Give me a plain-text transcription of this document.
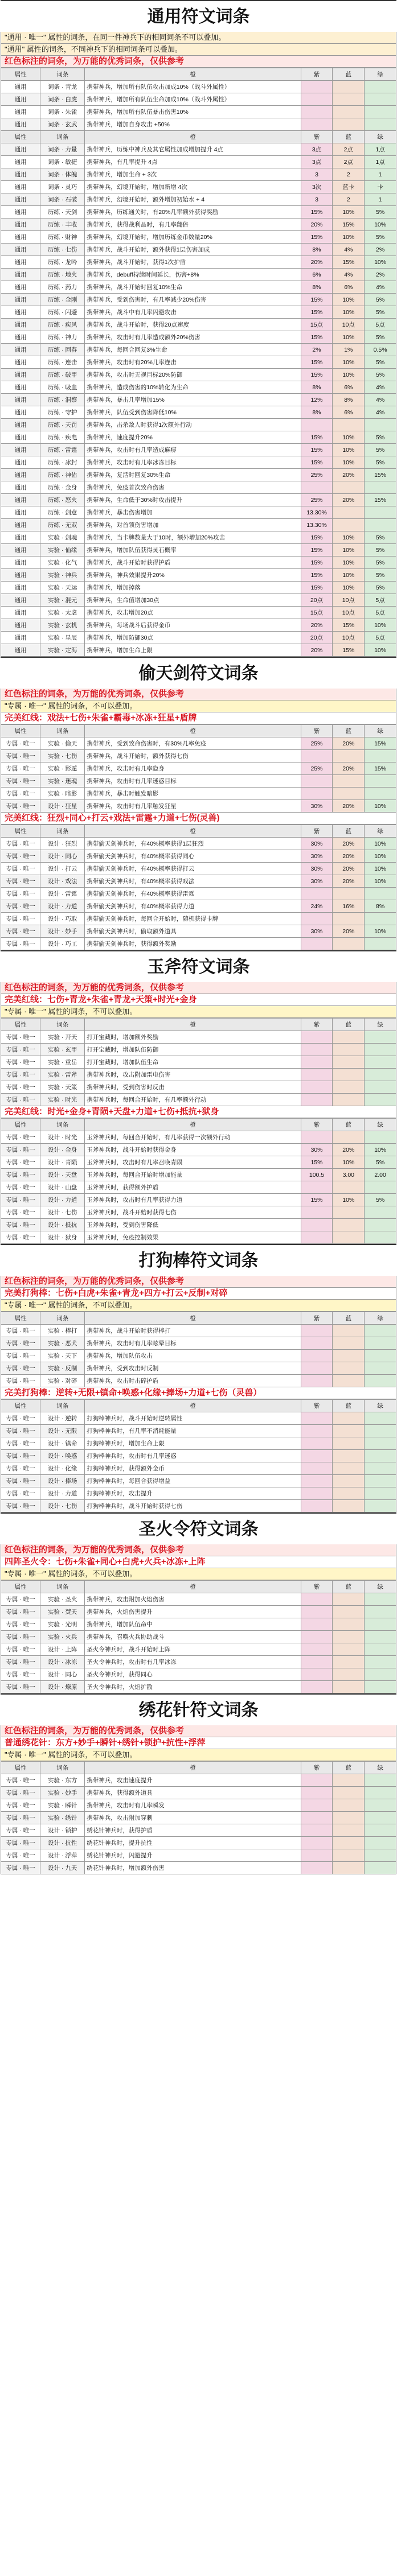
通用符文词条
"通用 · 唯一" 属性的词条，在同一件神兵下的相同词条不可以叠加。
"通用" 属性的词条，不同神兵下的相同词条可以叠加。
红色标注的词条，为万能的优秀词条，仅供参考
属性	词条	橙	紫	蓝	绿
通用	词条 · 青龙	携带神兵，增加所有队伍攻击加成10%（战斗外属性）			
通用	词条 · 白虎	携带神兵，增加所有队伍生命加成10%（战斗外属性）			
通用	词条 · 朱雀	携带神兵，增加所有队伍暴击伤害10%			
通用	词条 · 玄武	携带神兵，增加自身攻击 +50%			
属性	词条	橙	紫	蓝	绿
通用	词条 · 力量	携带神兵，历练中神兵及其它属性加成增加提升 4点	3点	2点	1点
通用	词条 · 敏捷	携带神兵，有几率提升 4点	3点	2点	1点
通用	词条 · 体魄	携带神兵，增加生命 + 3次	3	2	1
通用	词条 · 灵巧	携带神兵，幻境开始时，增加新增 4次	3次	蓝卡	卡
通用	词条 · 石破	携带神兵，幻境开始时，额外增加初始水 + 4	3	2	1
通用	历练 · 天剑	携带神兵，历练通关时，有20%几率额外获得奖励	15%	10%	5%
通用	历练 · 丰收	携带神兵，获得战利品时，有几率翻倍	20%	15%	10%
通用	历练 · 财神	携带神兵，幻境开始时，增加历练金币数量20%	15%	10%	5%
通用	历练 · 七伤	携带神兵，战斗开始时，额外获得1层伤害加成	8%	4%	2%
通用	历练 · 龙吟	携带神兵，战斗开始时，获得1次护盾	20%	15%	10%
通用	历练 · 地火	携带神兵，debuff持续时间延长，伤害+8%	6%	4%	2%
通用	历练 · 药力	携带神兵，战斗开始时回复10%生命	8%	6%	4%
通用	历练 · 金刚	携带神兵，受到伤害时，有几率减少20%伤害	15%	10%	5%
通用	历练 · 闪避	携带神兵，战斗中有几率闪避攻击	15%	10%	5%
通用	历练 · 疾风	携带神兵，战斗开始时，获得20点速度	15点	10点	5点
通用	历练 · 神力	携带神兵，攻击时有几率造成额外20%伤害	15%	10%	5%
通用	历练 · 回春	携带神兵，每回合回复3%生命	2%	1%	0.5%
通用	历练 · 连击	携带神兵，攻击时有20%几率连击	15%	10%	5%
通用	历练 · 破甲	携带神兵，攻击时无视目标20%防御	15%	10%	5%
通用	历练 · 吸血	携带神兵，造成伤害的10%转化为生命	8%	6%	4%
通用	历练 · 洞察	携带神兵，暴击几率增加15%	12%	8%	4%
通用	历练 · 守护	携带神兵，队伍受到伤害降低10%	8%	6%	4%
通用	历练 · 天罚	携带神兵，击杀敌人时获得1次额外行动			
通用	历练 · 疾电	携带神兵，速度提升20%	15%	10%	5%
通用	历练 · 雷霆	携带神兵，攻击时有几率造成麻痹	15%	10%	5%
通用	历练 · 冰封	携带神兵，攻击时有几率冰冻目标	15%	10%	5%
通用	历练 · 神佑	携带神兵，复活时回复30%生命	25%	20%	15%
通用	历练 · 金身	携带神兵，免疫首次致命伤害			
通用	历练 · 怒火	携带神兵，生命低于30%时攻击提升	25%	20%	15%
通用	历练 · 剑意	携带神兵，暴击伤害增加	13.30%		
通用	历练 · 无双	携带神兵，对首领伤害增加	13.30%		
通用	实验 · 剑魂	携带神兵，当卡牌数量大于10时，额外增加20%攻击	15%	10%	5%
通用	实验 · 仙缘	携带神兵，增加队伍获得灵石概率	15%	10%	5%
通用	实验 · 化气	携带神兵，战斗开始时获得护盾	15%	10%	5%
通用	实验 · 神兵	携带神兵，神兵效果提升20%	15%	10%	5%
通用	实验 · 天运	携带神兵，增加掉落	15%	10%	5%
通用	实验 · 混元	携带神兵，生命值增加30点	20点	10点	5点
通用	实验 · 太虚	携带神兵，攻击增加20点	15点	10点	5点
通用	实验 · 玄机	携带神兵，每场战斗后获得金币	20%	15%	10%
通用	实验 · 星辰	携带神兵，增加防御30点	20点	10点	5点
通用	实验 · 定海	携带神兵，增加生命上限	20%	15%	10%
偷天剑符文词条
红色标注的词条，为万能的优秀词条，仅供参考
"专属 · 唯一" 属性的词条，不可以叠加。
完美红线：戏法+七伤+朱雀+霸毒+冰冻+狂星+盾牌
属性	词条	橙	紫	蓝	绿
专属 · 唯一	实验 · 偷天	携带神兵，受到致命伤害时，有30%几率免疫	25%	20%	15%
专属 · 唯一	实验 · 七伤	携带神兵，战斗开始时，额外获得七伤			
专属 · 唯一	实验 · 影遁	携带神兵，攻击时有几率隐身	25%	20%	15%
专属 · 唯一	实验 · 迷魂	携带神兵，攻击时有几率迷惑目标			
专属 · 唯一	实验 · 暗影	携带神兵，暴击时触发暗影			
专属 · 唯一	设计 · 狂星	携带神兵，攻击时有几率触发狂星	30%	20%	10%
完美红线：狂烈+同心+打云+戏法+雷霆+力道+七伤(灵兽)
属性	词条	橙	紫	蓝	绿
专属 · 唯一	设计 · 狂烈	携带偷天剑神兵时，有40%概率获得1层狂烈	30%	20%	10%
专属 · 唯一	设计 · 同心	携带偷天剑神兵时，有40%概率获得同心	30%	20%	10%
专属 · 唯一	设计 · 打云	携带偷天剑神兵时，有40%概率获得打云	30%	20%	10%
专属 · 唯一	设计 · 戏法	携带偷天剑神兵时，有40%概率获得戏法	30%	20%	10%
专属 · 唯一	设计 · 雷霆	携带偷天剑神兵时，有40%概率获得雷霆			
专属 · 唯一	设计 · 力道	携带偷天剑神兵时，有40%概率获得力道	24%	16%	8%
专属 · 唯一	设计 · 巧取	携带偷天剑神兵时，每回合开始时，随机获得卡牌			
专属 · 唯一	设计 · 妙手	携带偷天剑神兵时，偷取额外道具	30%	20%	10%
专属 · 唯一	设计 · 巧工	携带偷天剑神兵时，获得额外奖励			
玉斧符文词条
红色标注的词条，为万能的优秀词条，仅供参考
完美红线：七伤+青龙+朱雀+青龙+天策+时光+金身
"专属 · 唯一" 属性的词条，不可以叠加。
属性	词条	橙	紫	蓝	绿
专属 · 唯一	实验 · 开天	打开宝藏时，增加额外奖励			
专属 · 唯一	实验 · 玄甲	打开宝藏时，增加队伍防御			
专属 · 唯一	实验 · 重岳	打开宝藏时，增加队伍生命			
专属 · 唯一	实验 · 雷斧	携带神兵时，攻击附加雷电伤害			
专属 · 唯一	实验 · 天策	携带神兵时，受到伤害时反击			
专属 · 唯一	实验 · 时光	携带神兵时，每回合开始时，有几率额外行动			
完美红线：时光+金身+青陨+天盘+力道+七伤+抵抗+狱身
属性	词条	橙	紫	蓝	绿
专属 · 唯一	设计 · 时光	玉斧神兵时，每回合开始时，有几率获得一次额外行动			
专属 · 唯一	设计 · 金身	玉斧神兵时，战斗开始时获得金身	30%	20%	10%
专属 · 唯一	设计 · 青陨	玉斧神兵时，攻击时有几率召唤青陨	15%	10%	5%
专属 · 唯一	设计 · 天盘	玉斧神兵时，每回合开始时增加能量	100.5	3.00	2.00
专属 · 唯一	设计 · 山盘	玉斧神兵时，获得额外护盾			
专属 · 唯一	设计 · 力道	玉斧神兵时，攻击时有几率获得力道	15%	10%	5%
专属 · 唯一	设计 · 七伤	玉斧神兵时，战斗开始时获得七伤			
专属 · 唯一	设计 · 抵抗	玉斧神兵时，受到伤害降低			
专属 · 唯一	设计 · 狱身	玉斧神兵时，免疫控制效果			
打狗棒符文词条
红色标注的词条，为万能的优秀词条，仅供参考
完美打狗棒：七伤+白虎+朱雀+青龙+四方+打云+反制+对碎
"专属 · 唯一" 属性的词条，不可以叠加。
属性	词条	橙	紫	蓝	绿
专属 · 唯一	实验 · 棒打	携带神兵，战斗开始时获得棒打			
专属 · 唯一	实验 · 恶犬	携带神兵，攻击时有几率眩晕目标			
专属 · 唯一	实验 · 天下	携带神兵，增加队伍攻击			
专属 · 唯一	实验 · 反制	携带神兵，受到攻击时反制			
专属 · 唯一	实验 · 对碎	携带神兵，攻击时击碎护盾			
完美打狗棒：逆转+无限+镇命+唤惑+化缘+捧场+力道+七伤（灵兽）
属性	词条	橙	紫	蓝	绿
专属 · 唯一	设计 · 逆转	打狗棒神兵时，战斗开始时逆转属性			
专属 · 唯一	设计 · 无限	打狗棒神兵时，有几率不消耗能量			
专属 · 唯一	设计 · 镇命	打狗棒神兵时，增加生命上限			
专属 · 唯一	设计 · 唤惑	打狗棒神兵时，攻击时有几率迷惑			
专属 · 唯一	设计 · 化缘	打狗棒神兵时，获得额外金币			
专属 · 唯一	设计 · 捧场	打狗棒神兵时，每回合获得增益			
专属 · 唯一	设计 · 力道	打狗棒神兵时，攻击提升			
专属 · 唯一	设计 · 七伤	打狗棒神兵时，战斗开始时获得七伤			
圣火令符文词条
红色标注的词条，为万能的优秀词条，仅供参考
四阵圣火令：七伤+朱雀+同心+白虎+火兵+冰冻+上阵
"专属 · 唯一" 属性的词条，不可以叠加。
属性	词条	橙	紫	蓝	绿
专属 · 唯一	实验 · 圣火	携带神兵，攻击附加火焰伤害			
专属 · 唯一	实验 · 焚天	携带神兵，火焰伤害提升			
专属 · 唯一	实验 · 光明	携带神兵，增加队伍命中			
专属 · 唯一	实验 · 火兵	携带神兵，召唤火兵协助战斗			
专属 · 唯一	设计 · 上阵	圣火令神兵时，战斗开始时上阵			
专属 · 唯一	设计 · 冰冻	圣火令神兵时，攻击时有几率冰冻			
专属 · 唯一	设计 · 同心	圣火令神兵时，获得同心			
专属 · 唯一	设计 · 燎原	圣火令神兵时，火焰扩散			
绣花针符文词条
红色标注的词条，为万能的优秀词条，仅供参考
普通绣花针：东方+妙手+瞬针+绣针+锁护+抗性+浮萍
"专属 · 唯一" 属性的词条，不可以叠加。
属性	词条	橙	紫	蓝	绿
专属 · 唯一	实验 · 东方	携带神兵，攻击速度提升			
专属 · 唯一	实验 · 妙手	携带神兵，获得额外道具			
专属 · 唯一	实验 · 瞬针	携带神兵，攻击时有几率瞬发			
专属 · 唯一	实验 · 绣针	携带神兵，攻击附加穿刺			
专属 · 唯一	设计 · 锁护	绣花针神兵时，获得护盾			
专属 · 唯一	设计 · 抗性	绣花针神兵时，提升抗性			
专属 · 唯一	设计 · 浮萍	绣花针神兵时，闪避提升			
专属 · 唯一	设计 · 九天	绣花针神兵时，增加额外伤害			
